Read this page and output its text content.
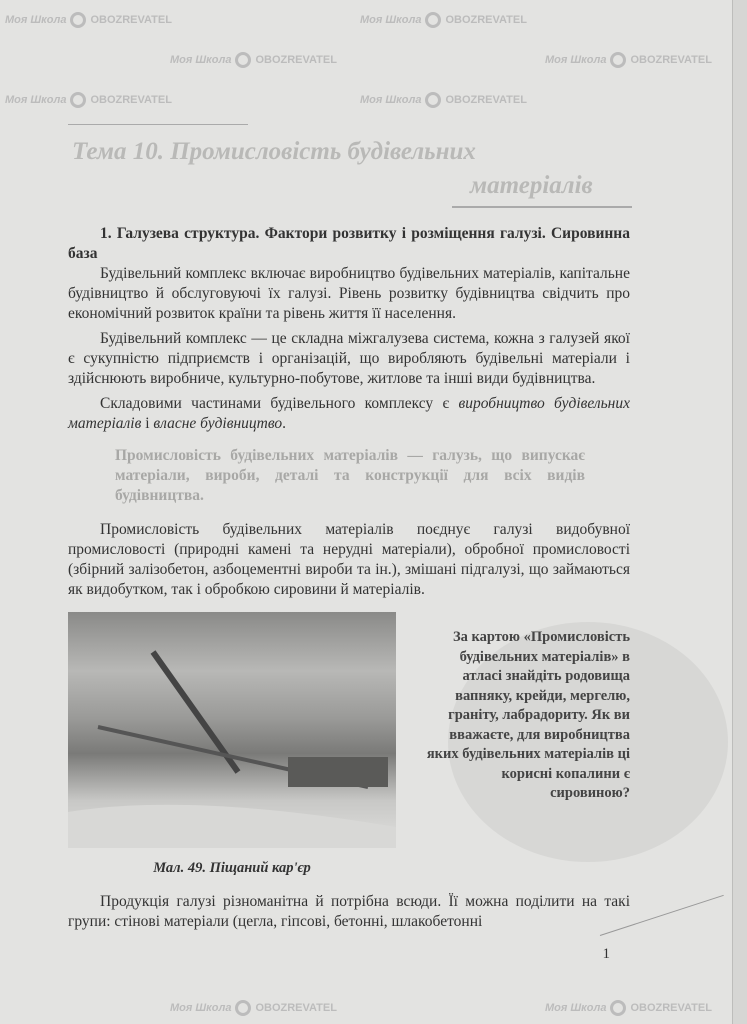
Тема 10. Промисловість будівельних
матеріалів

1. Галузева структура. Фактори розвитку і розміщення галузі. Сировинна база

Будівельний комплекс включає виробництво будівельних матеріалів, капітальне будівництво й обслуговуючі їх галузі. Рівень розвитку будівництва свідчить про економічний розвиток країни та рівень життя її населення.

Будівельний комплекс — це складна міжгалузева система, кожна з галузей якої є сукупністю підприємств і організацій, що виробляють будівельні матеріали і здійснюють виробниче, культурно-побутове, житлове та інші види будівництва.

Складовими частинами будівельного комплексу є виробництво будівельних матеріалів і власне будівництво.

Промисловість будівельних матеріалів — галузь, що випускає матеріали, вироби, деталі та конструкції для всіх видів будівництва.

Промисловість будівельних матеріалів поєднує галузі видобувної промисловості (природні камені та нерудні матеріали), обробної промисловості (збірний залізобетон, азбоцементні вироби та ін.), змішані підгалузі, що займаються як видобутком, так і обробкою сировини й матеріалів.

За картою «Промисловість будівельних матеріалів» в атласі знайдіть родовища вапняку, крейди, мергелю, граніту, лабрадориту. Як ви вважаєте, для виробництва яких будівельних матеріалів ці корисні копалини є сировиною?
Мал. 49. Піщаний кар'єр

Продукція галузі різноманітна й потрібна всюди. Її можна поділити на такі групи: стінові матеріали (цегла, гіпсові, бетонні, шлакобетонні

1
Моя Школа OBOZREVATEL	Моя Школа OBOZREVATEL
Моя Школа OBOZREVATEL	Моя Школа OBOZREVATEL
Моя Школа OBOZREVATEL	Моя Школа OBOZREVATEL
Моя Школа OBOZREVATEL	Моя Школа OBOZREVATEL
